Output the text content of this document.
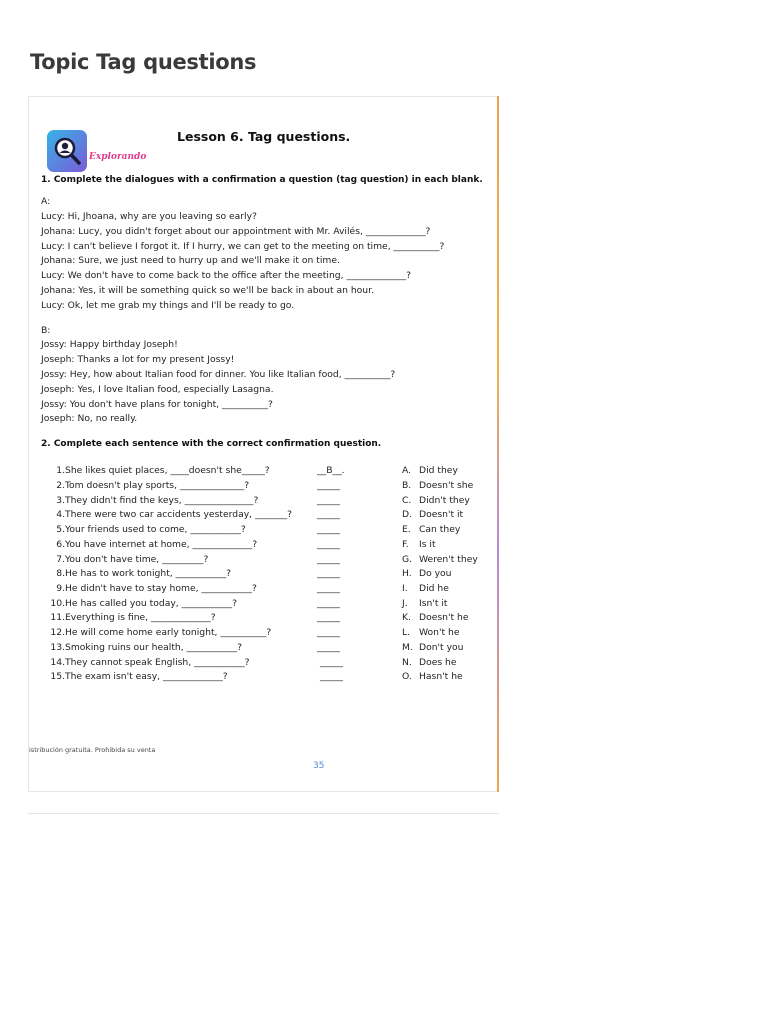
Topic Tag questions
Explorando
Lesson 6. Tag questions.
1. Complete the dialogues with a confirmation a question (tag question) in each blank.
A:
Lucy: Hi, Jhoana, why are you leaving so early?
Johana: Lucy, you didn't forget about our appointment with Mr. Avilés, _____________?
Lucy: I can't believe I forgot it. If I hurry, we can get to the meeting on time, __________?
Johana: Sure, we just need to hurry up and we'll make it on time.
Lucy: We don't have to come back to the office after the meeting, _____________?
Johana: Yes, it will be something quick so we'll be back in about an hour.
Lucy: Ok, let me grab my things and I'll be ready to go.
B:
Jossy: Happy birthday Joseph!
Joseph: Thanks a lot for my present Jossy!
Jossy: Hey, how about Italian food for dinner. You like Italian food, __________?
Joseph: Yes, I love Italian food, especially Lasagna.
Jossy: You don't have plans for tonight, __________?
Joseph: No, no really.
2. Complete each sentence with the correct confirmation question.
1. She likes quiet places, ____doesn't she_____?	__B__.	A. Did they
2. Tom doesn't play sports, ______________?	_____	B. Doesn't she
3. They didn't find the keys, _______________?	_____	C. Didn't they
4. There were two car accidents yesterday, _______?	_____	D. Doesn't it
5. Your friends used to come, ___________?	_____	E. Can they
6. You have internet at home, _____________?	_____	F. Is it
7. You don't have time, _________?	_____	G. Weren't they
8. He has to work tonight, ___________?	_____	H. Do you
9. He didn't have to stay home, ___________?	_____	I. Did he
10. He has called you today, ___________?	_____	J. Isn't it
11. Everything is fine, _____________?	_____	K. Doesn't he
12. He will come home early tonight, __________?	_____	L. Won't he
13. Smoking ruins our health, ___________?	_____	M. Don't you
14. They cannot speak English, ___________?	_____	N. Does he
15. The exam isn't easy, _____________?	_____	O. Hasn't he
istribución gratuita. Prohibida su venta
35
